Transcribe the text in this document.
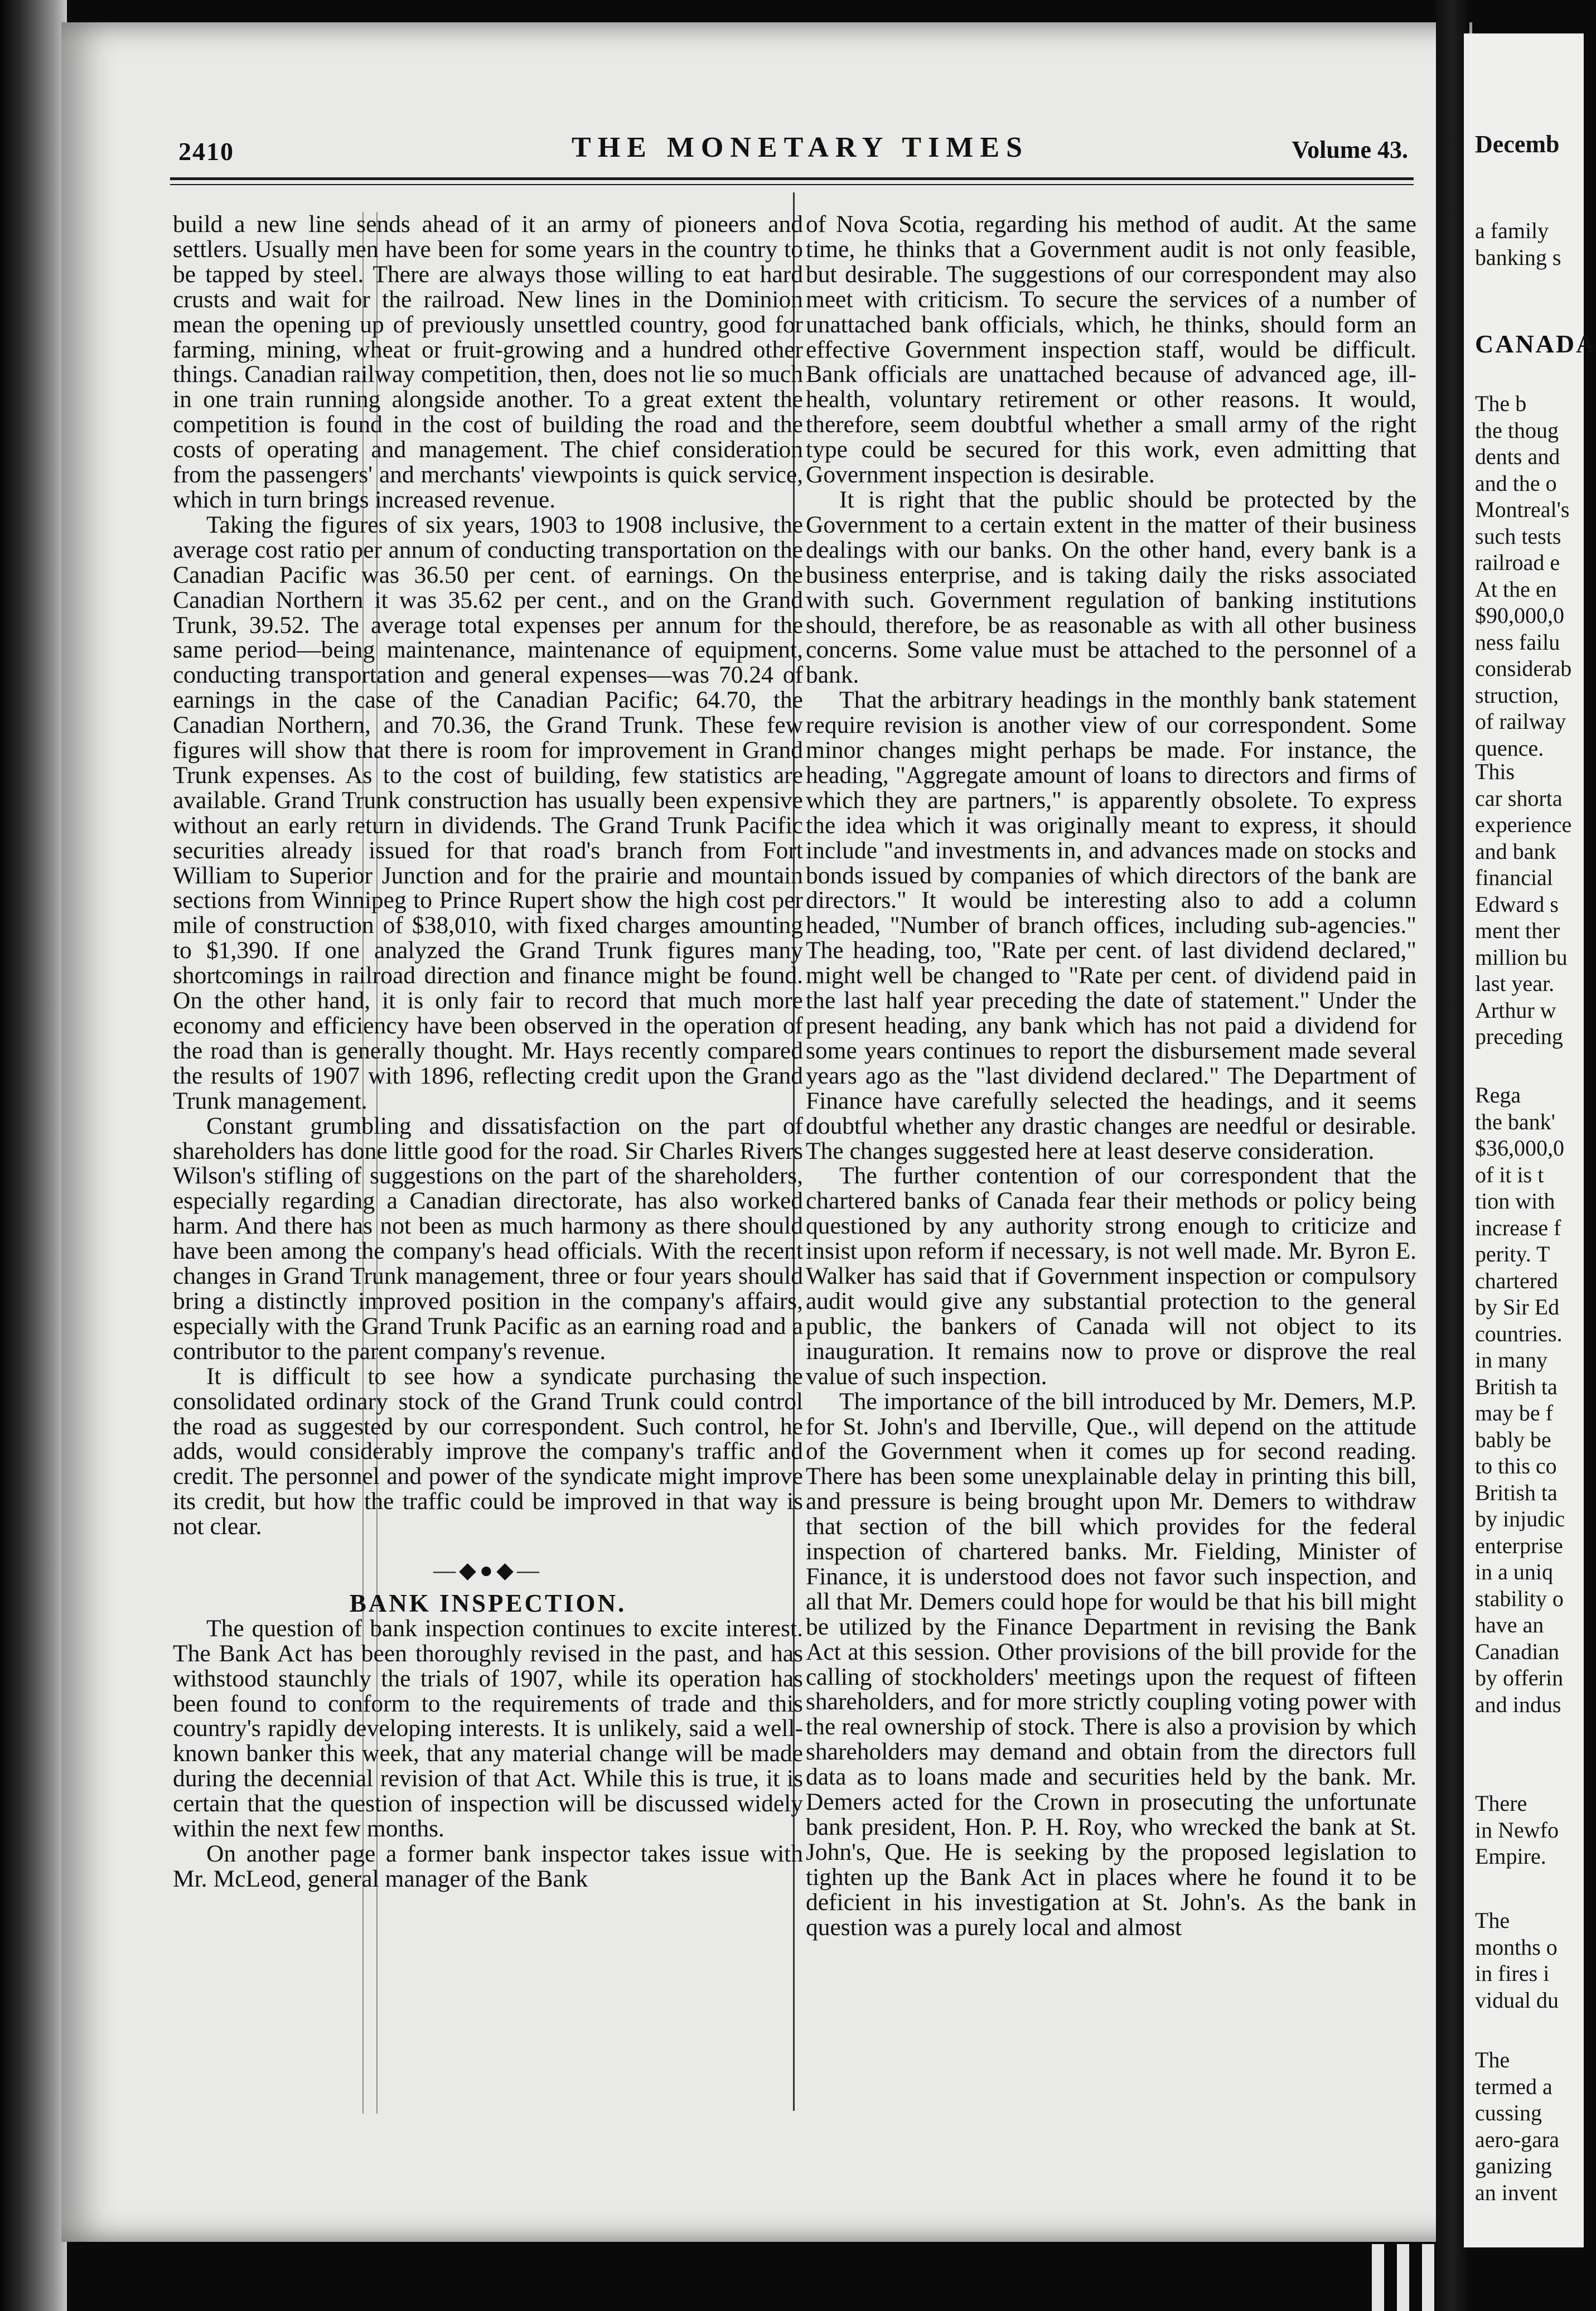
2410	THE MONETARY TIMES	Volume 43.

build a new line sends ahead of it an army of pioneers and settlers. Usually men have been for some years in the country to be tapped by steel. There are always those willing to eat hard crusts and wait for the railroad. New lines in the Dominion mean the opening up of previously unsettled country, good for farming, mining, wheat or fruit-growing and a hundred other things. Canadian railway competition, then, does not lie so much in one train running alongside another. To a great extent the competition is found in the cost of building the road and the costs of operating and management. The chief consideration from the passengers' and merchants' viewpoints is quick service, which in turn brings increased revenue.

Taking the figures of six years, 1903 to 1908 inclusive, the average cost ratio per annum of conducting transportation on the Canadian Pacific was 36.50 per cent. of earnings. On the Canadian Northern it was 35.62 per cent., and on the Grand Trunk, 39.52. The average total expenses per annum for the same period—being maintenance, maintenance of equipment, conducting transportation and general expenses—was 70.24 of earnings in the case of the Canadian Pacific; 64.70, the Canadian Northern, and 70.36, the Grand Trunk. These few figures will show that there is room for improvement in Grand Trunk expenses. As to the cost of building, few statistics are available. Grand Trunk construction has usually been expensive without an early return in dividends. The Grand Trunk Pacific securities already issued for that road's branch from Fort William to Superior Junction and for the prairie and mountain sections from Winnipeg to Prince Rupert show the high cost per mile of construction of $38,010, with fixed charges amounting to $1,390. If one analyzed the Grand Trunk figures many shortcomings in railroad direction and finance might be found. On the other hand, it is only fair to record that much more economy and efficiency have been observed in the operation of the road than is generally thought. Mr. Hays recently compared the results of 1907 with 1896, reflecting credit upon the Grand Trunk management.

Constant grumbling and dissatisfaction on the part of shareholders has done little good for the road. Sir Charles Rivers Wilson's stifling of suggestions on the part of the shareholders, especially regarding a Canadian directorate, has also worked harm. And there has not been as much harmony as there should have been among the company's head officials. With the recent changes in Grand Trunk management, three or four years should bring a distinctly improved position in the company's affairs, especially with the Grand Trunk Pacific as an earning road and a contributor to the parent company's revenue.

It is difficult to see how a syndicate purchasing the consolidated ordinary stock of the Grand Trunk could control the road as suggested by our correspondent. Such control, he adds, would considerably improve the company's traffic and credit. The personnel and power of the syndicate might improve its credit, but how the traffic could be improved in that way is not clear.

—◆●◆—

BANK INSPECTION.

The question of bank inspection continues to excite interest. The Bank Act has been thoroughly revised in the past, and has withstood staunchly the trials of 1907, while its operation has been found to conform to the requirements of trade and this country's rapidly developing interests. It is unlikely, said a well-known banker this week, that any material change will be made during the decennial revision of that Act. While this is true, it is certain that the question of inspection will be discussed widely within the next few months.

On another page a former bank inspector takes issue with Mr. McLeod, general manager of the Bank

of Nova Scotia, regarding his method of audit. At the same time, he thinks that a Government audit is not only feasible, but desirable. The suggestions of our correspondent may also meet with criticism. To secure the services of a number of unattached bank officials, which, he thinks, should form an effective Government inspection staff, would be difficult. Bank officials are unattached because of advanced age, ill-health, voluntary retirement or other reasons. It would, therefore, seem doubtful whether a small army of the right type could be secured for this work, even admitting that Government inspection is desirable.

It is right that the public should be protected by the Government to a certain extent in the matter of their business dealings with our banks. On the other hand, every bank is a business enterprise, and is taking daily the risks associated with such. Government regulation of banking institutions should, therefore, be as reasonable as with all other business concerns. Some value must be attached to the personnel of a bank.

That the arbitrary headings in the monthly bank statement require revision is another view of our correspondent. Some minor changes might perhaps be made. For instance, the heading, "Aggregate amount of loans to directors and firms of which they are partners," is apparently obsolete. To express the idea which it was originally meant to express, it should include "and investments in, and advances made on stocks and bonds issued by companies of which directors of the bank are directors." It would be interesting also to add a column headed, "Number of branch offices, including sub-agencies." The heading, too, "Rate per cent. of last dividend declared," might well be changed to "Rate per cent. of dividend paid in the last half year preceding the date of statement." Under the present heading, any bank which has not paid a dividend for some years continues to report the disbursement made several years ago as the "last dividend declared." The Department of Finance have carefully selected the headings, and it seems doubtful whether any drastic changes are needful or desirable. The changes suggested here at least deserve consideration.

The further contention of our correspondent that the chartered banks of Canada fear their methods or policy being questioned by any authority strong enough to criticize and insist upon reform if necessary, is not well made. Mr. Byron E. Walker has said that if Government inspection or compulsory audit would give any substantial protection to the general public, the bankers of Canada will not object to its inauguration. It remains now to prove or disprove the real value of such inspection.

The importance of the bill introduced by Mr. Demers, M.P. for St. John's and Iberville, Que., will depend on the attitude of the Government when it comes up for second reading. There has been some unexplainable delay in printing this bill, and pressure is being brought upon Mr. Demers to withdraw that section of the bill which provides for the federal inspection of chartered banks. Mr. Fielding, Minister of Finance, it is understood does not favor such inspection, and all that Mr. Demers could hope for would be that his bill might be utilized by the Finance Department in revising the Bank Act at this session. Other provisions of the bill provide for the calling of stockholders' meetings upon the request of fifteen shareholders, and for more strictly coupling voting power with the real ownership of stock. There is also a provision by which shareholders may demand and obtain from the directors full data as to loans made and securities held by the bank. Mr. Demers acted for the Crown in prosecuting the unfortunate bank president, Hon. P. H. Roy, who wrecked the bank at St. John's, Que. He is seeking by the proposed legislation to tighten up the Bank Act in places where he found it to be deficient in his investigation at St. John's. As the bank in question was a purely local and almost

Decemb
a family
banking s
CANADA
The b
the thoug
dents and
and the o
Montreal's
such tests
railroad e
At the en
$90,000,0
ness failu
considerab
struction,
of railway
quence.
This
car shorta
experience
and bank
financial
Edward s
ment ther
million bu
last year.
Arthur w
preceding
Rega
the bank'
$36,000,0
of it is t
tion with
increase f
perity. T
chartered
by Sir Ed
countries.
in many
British ta
may be f
bably be
to this co
British ta
by injudic
enterprise
in a uniq
stability o
have an
Canadian
by offerin
and indus
There
in Newfo
Empire.
The
months o
in fires i
vidual du
The
termed a
cussing
aero-gara
ganizing
an invent
